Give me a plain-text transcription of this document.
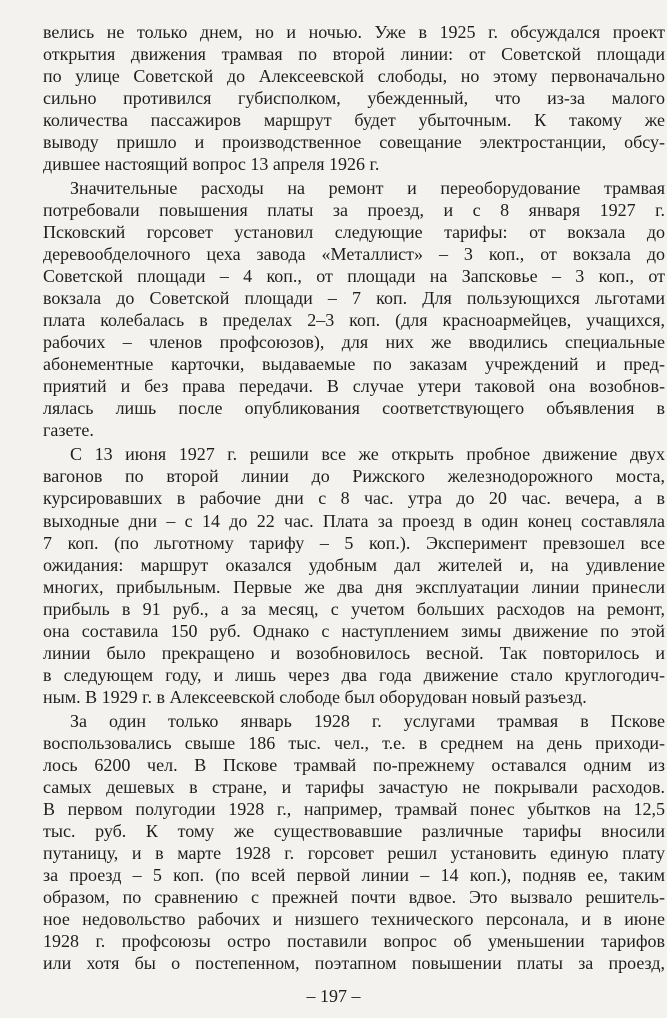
велись не только днем, но и ночью. Уже в 1925 г. обсуждался проект
открытия движения трамвая по второй линии: от Советской площади
по улице Советской до Алексеевской слободы, но этому первоначально
сильно противился губисполком, убежденный, что из-за малого
количества пассажиров маршрут будет убыточным. К такому же
выводу пришло и производственное совещание электростанции, обсу-
дившее настоящий вопрос 13 апреля 1926 г.
Значительные расходы на ремонт и переоборудование трамвая
потребовали повышения платы за проезд, и с 8 января 1927 г.
Псковский горсовет установил следующие тарифы: от вокзала до
деревообделочного цеха завода «Металлист» – 3 коп., от вокзала до
Советской площади – 4 коп., от площади на Запсковье – 3 коп., от
вокзала до Советской площади – 7 коп. Для пользующихся льготами
плата колебалась в пределах 2–3 коп. (для красноармейцев, учащихся,
рабочих – членов профсоюзов), для них же вводились специальные
абонементные карточки, выдаваемые по заказам учреждений и пред-
приятий и без права передачи. В случае утери таковой она возобнов-
лялась лишь после опубликования соответствующего объявления в
газете.
С 13 июня 1927 г. решили все же открыть пробное движение двух
вагонов по второй линии до Рижского железнодорожного моста,
курсировавших в рабочие дни с 8 час. утра до 20 час. вечера, а в
выходные дни – с 14 до 22 час. Плата за проезд в один конец составляла
7 коп. (по льготному тарифу – 5 коп.). Эксперимент превзошел все
ожидания: маршрут оказался удобным дал жителей и, на удивление
многих, прибыльным. Первые же два дня эксплуатации линии принесли
прибыль в 91 руб., а за месяц, с учетом больших расходов на ремонт,
она составила 150 руб. Однако с наступлением зимы движение по этой
линии было прекращено и возобновилось весной. Так повторилось и
в следующем году, и лишь через два года движение стало круглогодич-
ным. В 1929 г. в Алексеевской слободе был оборудован новый разъезд.
За один только январь 1928 г. услугами трамвая в Пскове
воспользовались свыше 186 тыс. чел., т.е. в среднем на день приходи-
лось 6200 чел. В Пскове трамвай по-прежнему оставался одним из
самых дешевых в стране, и тарифы зачастую не покрывали расходов.
В первом полугодии 1928 г., например, трамвай понес убытков на 12,5
тыс. руб. К тому же существовавшие различные тарифы вносили
путаницу, и в марте 1928 г. горсовет решил установить единую плату
за проезд – 5 коп. (по всей первой линии – 14 коп.), подняв ее, таким
образом, по сравнению с прежней почти вдвое. Это вызвало решитель-
ное недовольство рабочих и низшего технического персонала, и в июне
1928 г. профсоюзы остро поставили вопрос об уменьшении тарифов
или хотя бы о постепенном, поэтапном повышении платы за проезд,
– 197 –
